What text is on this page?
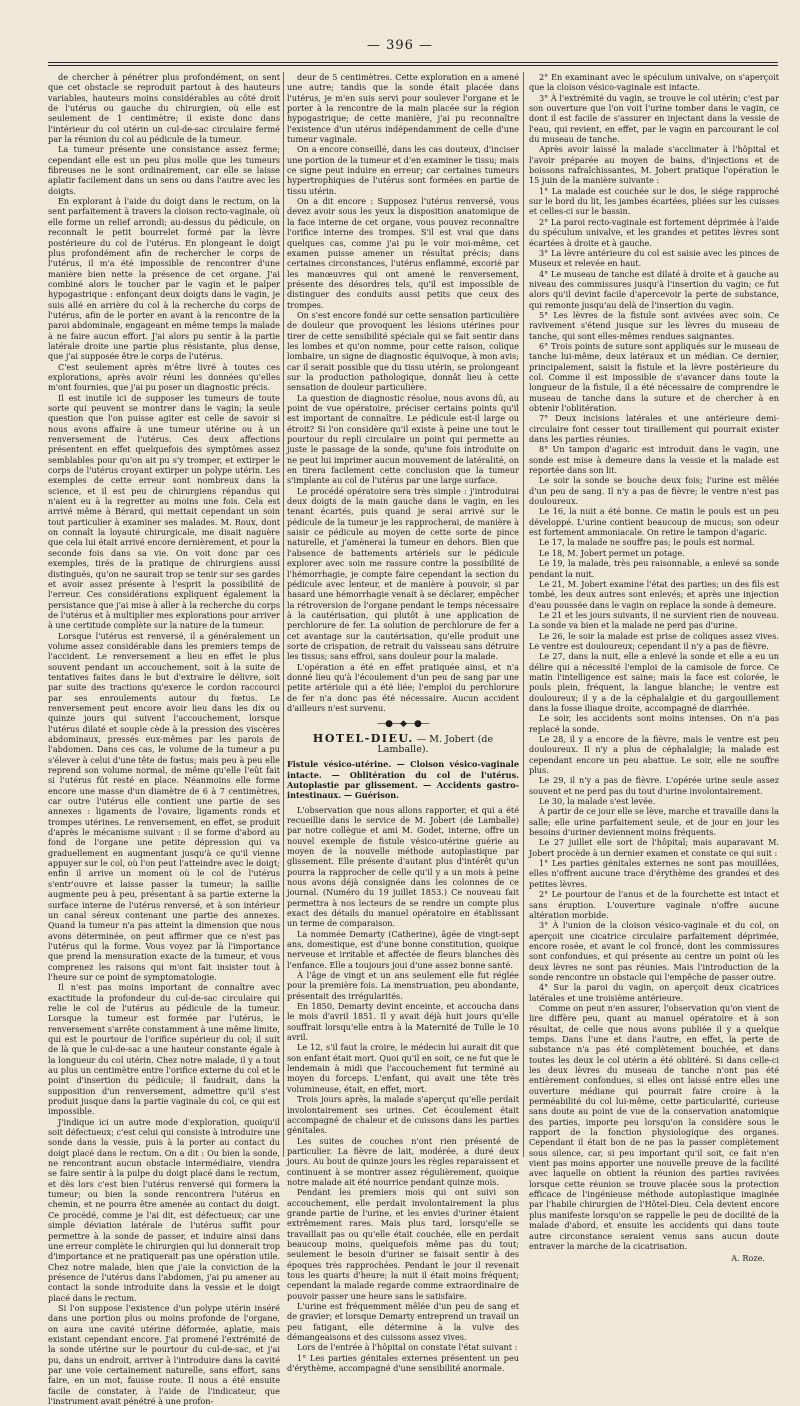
— 396 —

de chercher à pénétrer plus profondément, on sent que cet obstacle se reproduit partout à des hauteurs variables, hauteurs moins considérables au côté droit de l'utérus ou gauche du chirurgien, où elle est seulement de 1 centimètre; il existe donc dans l'intérieur du col utérin un cul-de-sac circulaire fermé par la réunion du col au pédicule de la tumeur.

La tumeur présente une consistance assez ferme; cependant elle est un peu plus molle que les tumeurs fibreuses ne le sont ordinairement, car elle se laisse aplatir facilement dans un sens ou dans l'autre avec les doigts.

En explorant à l'aide du doigt dans le rectum, on la sent parfaitement à travers la cloison recto-vaginale, où elle forme un relief arrondi; au-dessus du pédicule, on reconnaît le petit bourrelet formé par la lèvre postérieure du col de l'utérus. En plongeant le doigt plus profondément afin de rechercher le corps de l'utérus, il m'a été impossible de rencontrer d'une manière bien nette la présence de cet organe. J'ai combiné alors le toucher par le vagin et le palper hypogastrique : enfonçant deux doigts dans le vagin, je suis allé en arrière du col à la recherche du corps de l'utérus, afin de le porter en avant à la rencontre de la paroi abdominale, engageant en même temps la malade à ne faire aucun effort. J'ai alors pu sentir à la partie latérale droite une partie plus résistante, plus dense, que j'ai supposée être le corps de l'utérus.

C'est seulement après m'être livré à toutes ces explorations, après avoir réuni les données qu'elles m'ont fournies, que j'ai pu poser un diagnostic précis.

Il est inutile ici de supposer les tumeurs de toute sorte qui peuvent se montrer dans le vagin; la seule question que l'on puisse agiter est celle de savoir si nous avons affaire à une tumeur utérine ou à un renversement de l'utérus. Ces deux affections présentent en effet quelquefois des symptômes assez semblables pour qu'on ait pu s'y tromper, et extirper le corps de l'utérus croyant extirper un polype utérin. Les exemples de cette erreur sont nombreux dans la science, et il est peu de chirurgiens répandus qui n'aient eu à la regretter au moins une fois. Cela est arrivé même à Bérard, qui mettait cependant un soin tout particulier à examiner ses malades. M. Roux, dont on connaît la loyauté chirurgicale, me disait naguère que cela lui était arrivé encore dernièrement, et pour la seconde fois dans sa vie. On voit donc par ces exemples, tirés de la pratique de chirurgiens aussi distingués, qu'on ne saurait trop se tenir sur ses gardes et avoir assez présente à l'esprit la possibilité de l'erreur. Ces considérations expliquent également la persistance que j'ai mise à aller à la recherche du corps de l'utérus et à multiplier mes explorations pour arriver à une certitude complète sur la nature de la tumeur.

Lorsque l'utérus est renversé, il a généralement un volume assez considérable dans les premiers temps de l'accident. Le renversement a lieu en effet le plus souvent pendant un accouchement, soit à la suite de tentatives faites dans le but d'extraire le délivre, soit par suite des tractions qu'exerce le cordon raccourci par ses enroulements autour du fœtus. Le renversement peut encore avoir lieu dans les dix ou quinze jours qui suivent l'accouchement, lorsque l'utérus dilaté et souple cède à la pression des viscères abdominaux, pressés eux-mêmes par les parois de l'abdomen. Dans ces cas, le volume de la tumeur a pu s'élever à celui d'une tête de fœtus; mais peu à peu elle reprend son volume normal, de même qu'elle l'eût fait si l'utérus fût resté en place. Néanmoins elle forme encore une masse d'un diamètre de 6 à 7 centimètres, car outre l'utérus elle contient une partie de ses annexes : ligaments de l'ovaire, ligaments ronds et trompes utérines. Le renversement, en effet, se produit d'après le mécanisme suivant : il se forme d'abord au fond de l'organe une petite dépression qui va graduellement en augmentant jusqu'à ce qu'il vienne appuyer sur le col, où l'on peut l'atteindre avec le doigt; enfin il arrive un moment où le col de l'utérus s'entr'ouvre et laisse passer la tumeur; la saillie augmente peu à peu, présentant à sa partie externe la surface interne de l'utérus renversé, et à son intérieur un canal séreux contenant une partie des annexes. Quand la tumeur n'a pas atteint la dimension que nous avons déterminée, on peut affirmer que ce n'est pas l'utérus qui la forme. Vous voyez par là l'importance que prend la mensuration exacte de la tumeur, et vous comprenez les raisons qui m'ont fait insister tout à l'heure sur ce point de symptomatologie.

Il n'est pas moins important de connaître avec exactitude la profondeur du cul-de-sac circulaire qui relie le col de l'utérus au pédicule de la tumeur. Lorsque la tumeur est formée par l'utérus, le renversement s'arrête constamment à une même limite, qui est le pourtour de l'orifice supérieur du col; il suit de là que le cul-de-sac a une hauteur constante égale à la longueur du col utérin. Chez notre malade, il y a tout au plus un centimètre entre l'orifice externe du col et le point d'insertion du pédicule; il faudrait, dans la supposition d'un renversement, admettre qu'il s'est produit jusque dans la partie vaginale du col, ce qui est impossible.

J'indique ici un autre mode d'exploration, quoiqu'il soit défectueux; c'est celui qui consiste à introduire une sonde dans la vessie, puis à la porter au contact du doigt placé dans le rectum. On a dit : Ou bien la sonde, ne rencontrant aucun obstacle intermédiaire, viendra se faire sentir à la pulpe du doigt placé dans le rectum, et dès lors c'est bien l'utérus renversé qui formera la tumeur; ou bien la sonde rencontrera l'utérus en chemin, et ne pourra être amenée au contact du doigt. Ce procédé, comme je l'ai dit, est défectueux; car une simple déviation latérale de l'utérus suffit pour permettre à la sonde de passer, et induire ainsi dans une erreur complète le chirurgien qui lui donnerait trop d'importance et ne pratiquerait pas une opération utile. Chez notre malade, bien que j'aie la conviction de la présence de l'utérus dans l'abdomen, j'ai pu amener au contact la sonde introduite dans la vessie et le doigt placé dans le rectum.

Si l'on suppose l'existence d'un polype utérin inséré dans une portion plus ou moins profonde de l'organe, on aura une cavité utérine déformée, aplatie, mais existant cependant encore. J'ai promené l'extrémité de la sonde utérine sur le pourtour du cul-de-sac, et j'ai pu, dans un endroit, arriver à l'introduire dans la cavité par une voie certainement naturelle, sans effort, sans faire, en un mot, fausse route. Il nous a été ensuite facile de constater, à l'aide de l'indicateur, que l'instrument avait pénétré à une profon-

deur de 5 centimètres. Cette exploration en a amené une autre; tandis que la sonde était placée dans l'utérus, je m'en suis servi pour soulever l'organe et le porter à la rencontre de la main placée sur la région hypogastrique; de cette manière, j'ai pu reconnaître l'existence d'un utérus indépendamment de celle d'une tumeur vaginale.

On a encore conseillé, dans les cas douteux, d'inciser une portion de la tumeur et d'en examiner le tissu; mais ce signe peut induire en erreur; car certaines tumeurs hypertrophiques de l'utérus sont formées en partie de tissu utérin.

On a dit encore : Supposez l'utérus renversé, vous devez avoir sous les yeux la disposition anatomique de la face interne de cet organe, vous pouvez reconnaître l'orifice interne des trompes. S'il est vrai que dans quelques cas, comme j'ai pu le voir moi-même, cet examen puisse amener un résultat précis; dans certaines circonstances, l'utérus enflammé, excorié par les manœuvres qui ont amené le renversement, présente des désordres tels, qu'il est impossible de distinguer des conduits aussi petits que ceux des trompes.

On s'est encore fondé sur cette sensation particulière de douleur que provoquent les lésions utérines pour tirer de cette sensibilité spéciale qui se fait sentir dans les lombes et qu'on nomme, pour cette raison, colique lombaire, un signe de diagnostic équivoque, à mon avis; car il serait possible que du tissu utérin, se prolongeant sur la production pathologique, donnât lieu à cette sensation de douleur particulière.

La question de diagnostic résolue, nous avons dû, au point de vue opératoire, préciser certains points qu'il est important de connaître. Le pédicule est-il large ou étroit? Si l'on considère qu'il existe à peine une tout le pourtour du repli circulaire un point qui permette au juste le passage de la sonde, qu'une fois introduite on ne peut lui imprimer aucun mouvement de latéralité, on en tirera facilement cette conclusion que la tumeur s'implante au col de l'utérus par une large surface.

Le procédé opératoire sera très simple : j'introduirai deux doigts de la main gauche dans le vagin, en les tenant écartés, puis quand je serai arrivé sur le pédicule de la tumeur je les rapprocherai, de manière à saisir ce pédicule au moyen de cette sorte de pince naturelle, et j'amènerai la tumeur en dehors. Bien que l'absence de battements artériels sur le pédicule explorer avec soin me rassure contre la possibilité de l'hémorrhagie, je compte faire cependant la section du pédicule avec lenteur, et de manière à pouvoir, si par hasard une hémorrhagie venait à se déclarer, empêcher la rétroversion de l'organe pendant le temps nécessaire à la cautérisation, qui plutôt à une application de perchlorure de fer. La solution de perchlorure de fer a cet avantage sur la cautérisation, qu'elle produit une sorte de crispation, de retrait du vaisseau sans détruire les tissus; sans effroi, sans douleur pour la malade.

L'opération a été en effet pratiquée ainsi, et n'a donné lieu qu'à l'écoulement d'un peu de sang par une petite artériole qui a été liée; l'emploi du perchlorure de fer n'a donc pas été nécessaire. Aucun accident d'ailleurs n'est survenu.

—●—◆—●—
HOTEL-DIEU. — M. Jobert (de Lamballe).

Fistule vésico-utérine. — Cloison vésico-vaginale intacte. — Oblitération du col de l'utérus. Autoplastie par glissement. — Accidents gastro-intestinaux. — Guérison.

L'observation que nous allons rapporter, et qui a été recueillie dans le service de M. Jobert (de Lamballe) par notre collègue et ami M. Godet, interne, offre un nouvel exemple de fistule vésico-utérine guérie au moyen de la nouvelle méthode autoplastique par glissement. Elle présente d'autant plus d'intérêt qu'un pourra la rapprocher de celle qu'il y a un mois à peine nous avons déjà consignée dans les colonnes de ce journal. (Numéro du 19 juillet 1853.) Ce nouveau fait permettra à nos lecteurs de se rendre un compte plus exact des détails du manuel opératoire en établissant un terme de comparaison.

La nommée Demarty (Catherine), âgée de vingt-sept ans, domestique, est d'une bonne constitution, quoique nerveuse et irritable et affectée de fleurs blanches dès l'enfance. Elle a toujours joui d'une assez bonne santé.

À l'âge de vingt et un ans seulement elle fut réglée pour la première fois. La menstruation, peu abondante, présentait des irrégularités.

En 1850, Demarty devint enceinte, et accoucha dans le mois d'avril 1851. Il y avait déjà huit jours qu'elle souffrait lorsqu'elle entra à la Maternité de Tulle le 10 avril.

Le 12, s'il faut la croire, le médecin lui aurait dit que son enfant était mort. Quoi qu'il en soit, ce ne fut que le lendemain à midi que l'accouchement fut terminé au moyen du forceps. L'enfant, qui avait une tête très volumineuse, était, en effet, mort.

Trois jours après, la malade s'aperçut qu'elle perdait involontairement ses urines. Cet écoulement était accompagné de chaleur et de cuissons dans les parties génitales.

Les suites de couches n'ont rien présenté de particulier. La fièvre de lait, modérée, a duré deux jours. Au bout de quinze jours les règles reparaissent et continuent à se montrer assez régulièrement, quoique notre malade ait été nourrice pendant quinze mois.

Pendant les premiers mois qui ont suivi son accouchement, elle perdait involontairement la plus grande partie de l'urine, et les envies d'uriner étaient extrêmement rares. Mais plus tard, lorsqu'elle se travaillait pas ou qu'elle était couchée, elle en perdait beaucoup moins, quelquefois même pas du tout; seulement le besoin d'uriner se faisait sentir à des époques très rapprochées. Pendant le jour il revenait tous les quarts d'heure; la nuit il était moins fréquent; cependant la malade regarde comme extraordinaire de pouvoir passer une heure sans le satisfaire.

L'urine est fréquemment mêlée d'un peu de sang et de gravier; et lorsque Demarty entreprend un travail un peu fatigant, elle détermine à la vulve des démangeaisons et des cuissons assez vives.

Lors de l'entrée à l'hôpital on constate l'état suivant :

1° Les parties génitales externes présentent un peu d'érythème, accompagné d'une sensibilité anormale.

2° En examinant avec le spéculum univalve, on s'aperçoit que la cloison vésico-vaginale est intacte.

3° À l'extrémité du vagin, se trouve le col utérin; c'est par son ouverture que l'on voit l'urine tomber dans le vagin, ce dont il est facile de s'assurer en injectant dans la vessie de l'eau, qui revient, en effet, par le vagin en parcourant le col du museau de tanche.

Après avoir laissé la malade s'acclimater à l'hôpital et l'avoir préparée au moyen de bains, d'injections et de boissons rafraîchissantes, M. Jobert pratique l'opération le 15 juin de la manière suivante :

1° La malade est couchée sur le dos, le siége rapproché sur le bord du lit, les jambes écartées, pliées sur les cuisses et celles-ci sur le bassin.

2° La paroi recto-vaginale est fortement déprimée à l'aide du spéculum univalve, et les grandes et petites lèvres sont écartées à droite et à gauche.

3° La lèvre antérieure du col est saisie avec les pinces de Museux et relevée en haut.

4° Le museau de tanche est dilaté à droite et à gauche au niveau des commissures jusqu'à l'insertion du vagin; ce fut alors qu'il devint facile d'apercevoir la perte de substance, qui remonte jusqu'au delà de l'insertion du vagin.

5° Les lèvres de la fistule sont avivées avec soin. Ce ravivement s'étend jusque sur les lèvres du museau de tanche, qui sont elles-mêmes rendues saignantes.

6° Trois points de suture sont appliqués sur le museau de tanche lui-même, deux latéraux et un médian. Ce dernier, principalement, saisit la fistule et la lèvre postérieure du col. Comme il est impossible de s'avancer dans toute la longueur de la fistule, il a été nécessaire de comprendre le museau de tanche dans la suture et de chercher à en obtenir l'oblitération.

7° Deux incisions latérales et une antérieure demi-circulaire font cesser tout tiraillement qui pourrait exister dans les parties réunies.

8° Un tampon d'agaric est introduit dans le vagin, une sonde est mise à demeure dans la vessie et la malade est reportée dans son lit.

Le soir la sonde se bouche deux fois; l'urine est mêlée d'un peu de sang. Il n'y a pas de fièvre; le ventre n'est pas douloureux.

Le 16, la nuit a été bonne. Ce matin le pouls est un peu développé. L'urine contient beaucoup de mucus; son odeur est fortement ammoniacale. On retire le tampon d'agaric.

Le 17, la malade ne souffre pas; le pouls est normal.

Le 18, M. Jobert permet un potage.

Le 19, la malade, très peu raisonnable, a enlevé sa sonde pendant la nuit.

Le 21, M. Jobert examine l'état des parties; un des fils est tombé, les deux autres sont enlevés; et après une injection d'eau poussée dans le vagin on replace la sonde à demeure.

Le 21 et les jours suivants, il ne survient rien de nouveau. La sonde va bien et la malade ne perd pas d'urine.

Le 26, le soir la malade est prise de coliques assez vives. Le ventre est douloureux; cependant il n'y a pas de fièvre.

Le 27, dans la nuit, elle a enlevé la sonde et elle a eu un délire qui a nécessité l'emploi de la camisole de force. Ce matin l'intelligence est saine; mais la face est colorée, le pouls plein, fréquent, la langue blanche; le ventre est douloureux; il y a de la céphalalgie et du gargouillement dans la fosse iliaque droite, accompagné de diarrhée.

Le soir, les accidents sont moins intenses. On n'a pas replacé la sonde.

Le 28, il y a encore de la fièvre, mais le ventre est peu douloureux. Il n'y a plus de céphalalgie; la malade est cependant encore un peu abattue. Le soir, elle ne souffre plus.

Le 29, il n'y a pas de fièvre. L'opérée urine seule assez souvent et ne perd pas du tout d'urine involontairement.

Le 30, la malade s'est levée.

À partir de ce jour elle se lève, marche et travaille dans la salle; elle urine parfaitement seule, et de jour en jour les besoins d'uriner deviennent moins fréquents.

Le 27 juillet elle sort de l'hôpital; mais auparavant M. Jobert procède à un dernier examen et constate ce qui suit :

1° Les parties génitales externes ne sont pas mouillées, elles n'offrent aucune trace d'érythème des grandes et des petites lèvres.

2° Le pourtour de l'anus et de la fourchette est intact et sans éruption. L'ouverture vaginale n'offre aucune altération morbide.

3° À l'union de la cloison vésico-vaginale et du col, on aperçoit une cicatrice circulaire parfaitement déprimée, encore rosée, et avant le col froncé, dont les commissures sont confondues, et qui présente au centre un point où les deux lèvres ne sont pas réunies. Mais l'introduction de la sonde rencontre un obstacle qui l'empêche de passer outre.

4° Sur la paroi du vagin, on aperçoit deux cicatrices latérales et une troisième antérieure.

Comme on peut n'en assurer, l'observation qu'on vient de lire diffère peu, quant au manuel opératoire et à son résultat, de celle que nous avons publiée il y a quelque temps. Dans l'une et dans l'autre, en effet, la perte de substance n'a pas été complètement bouchée, et dans toutes les deux le col utérin a été oblitéré. Si dans celle-ci les deux lèvres du museau de tanche n'ont pas été entièrement confondues, si elles ont laissé entre elles une ouverture médiane qui pourrait faire croire à la perméabilité du col lui-même, cette particularité, curieuse sans doute au point de vue de la conservation anatomique des parties, importe peu lorsqu'on la considère sous le rapport de la fonction physiologique des organes. Cependant il était bon de ne pas la passer complètement sous silence, car, si peu important qu'il soit, ce fait n'en vient pas moins apporter une nouvelle preuve de la facilité avec laquelle on obtient la réunion des parties ravivées lorsque cette réunion se trouve placée sous la protection efficace de l'ingénieuse méthode autoplastique imaginée par l'habile chirurgien de l'Hôtel-Dieu. Cela devient encore plus manifeste lorsqu'on se rappelle le peu de docilité de la malade d'abord, et ensuite les accidents qui dans toute autre circonstance seraient venus sans aucun doute entraver la marche de la cicatrisation.

A. Roze.
